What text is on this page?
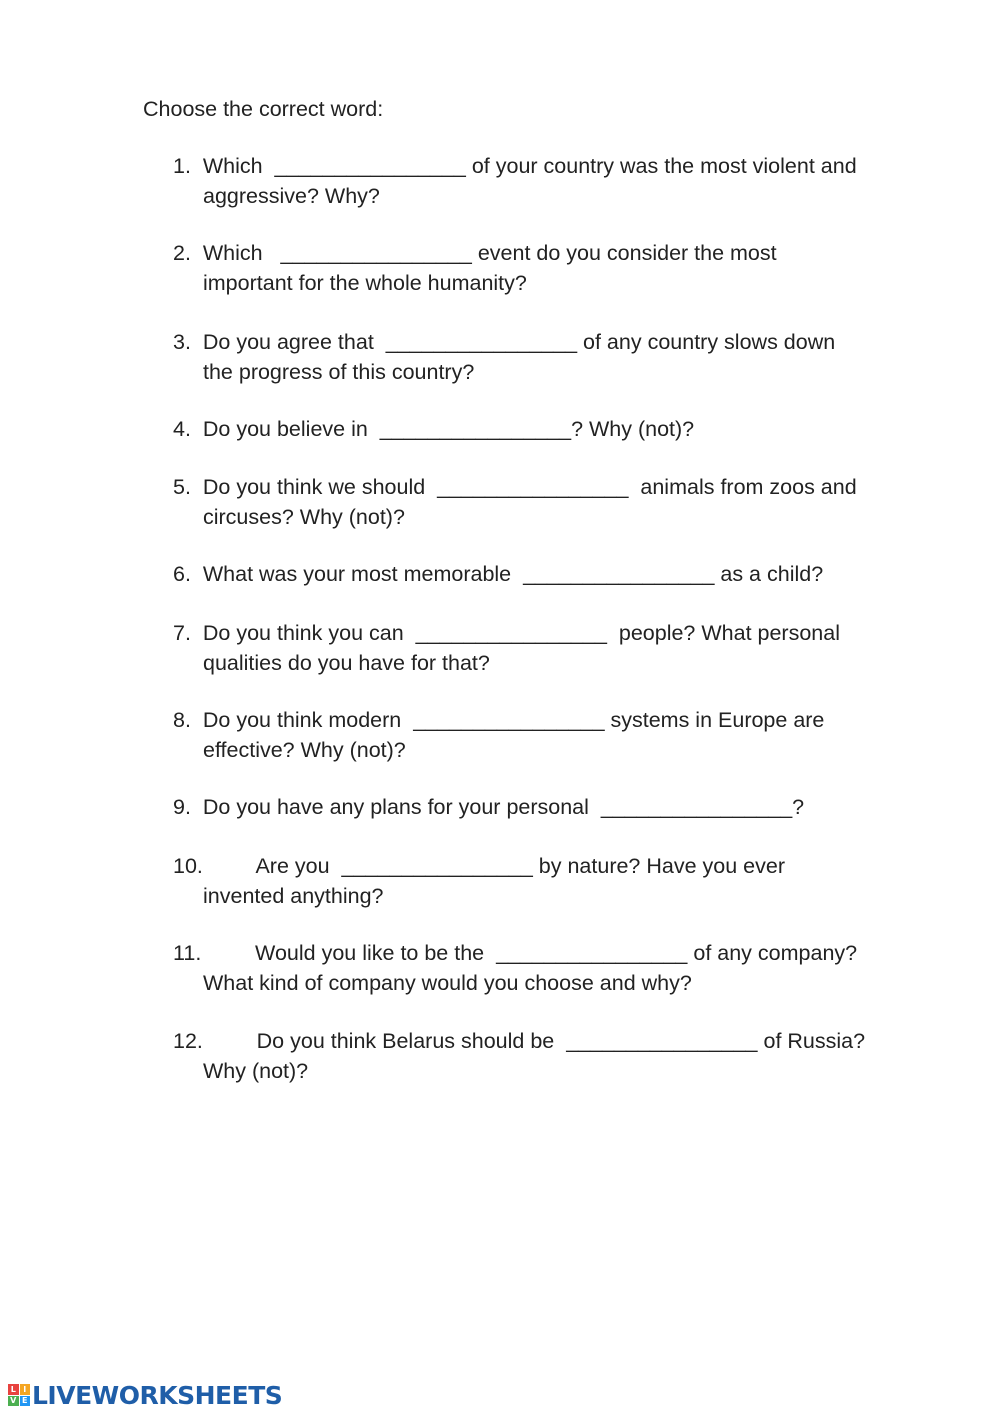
Choose the correct word:
1.  Which  ________________ of your country was the most violent and
aggressive? Why?
2.  Which   ________________ event do you consider the most
important for the whole humanity?
3.  Do you agree that  ________________ of any country slows down
the progress of this country?
4.  Do you believe in  ________________? Why (not)?
5.  Do you think we should  ________________  animals from zoos and
circuses? Why (not)?
6.  What was your most memorable  ________________ as a child?
7.  Do you think you can  ________________  people? What personal
qualities do you have for that?
8.  Do you think modern  ________________ systems in Europe are
effective? Why (not)?
9.  Do you have any plans for your personal  ________________?
10.         Are you  ________________ by nature? Have you ever
invented anything?
11.         Would you like to be the  ________________ of any company?
What kind of company would you choose and why?
12.         Do you think Belarus should be  ________________ of Russia?
Why (not)?
L I
V E LIVEWORKSHEETS
